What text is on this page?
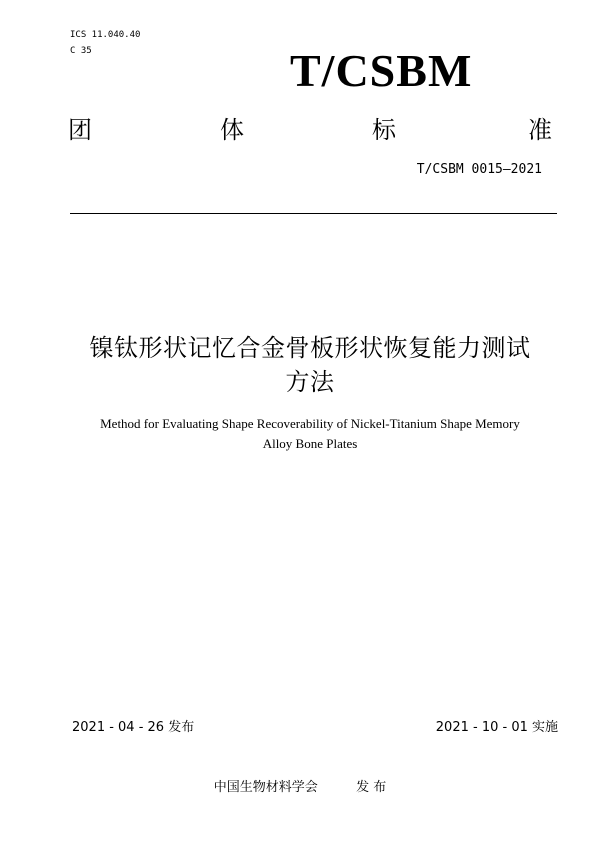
ICS 11.040.40
C 35	T/CSBM
团	体	标	准
T/CSBM 0015—2021
镍钛形状记忆合金骨板形状恢复能力测试
方法
Method for Evaluating Shape Recoverability of Nickel-Titanium Shape Memory
Alloy Bone Plates
2021 - 04 - 26 发布	2021 - 10 - 01 实施
中国生物材料学会	发 布
